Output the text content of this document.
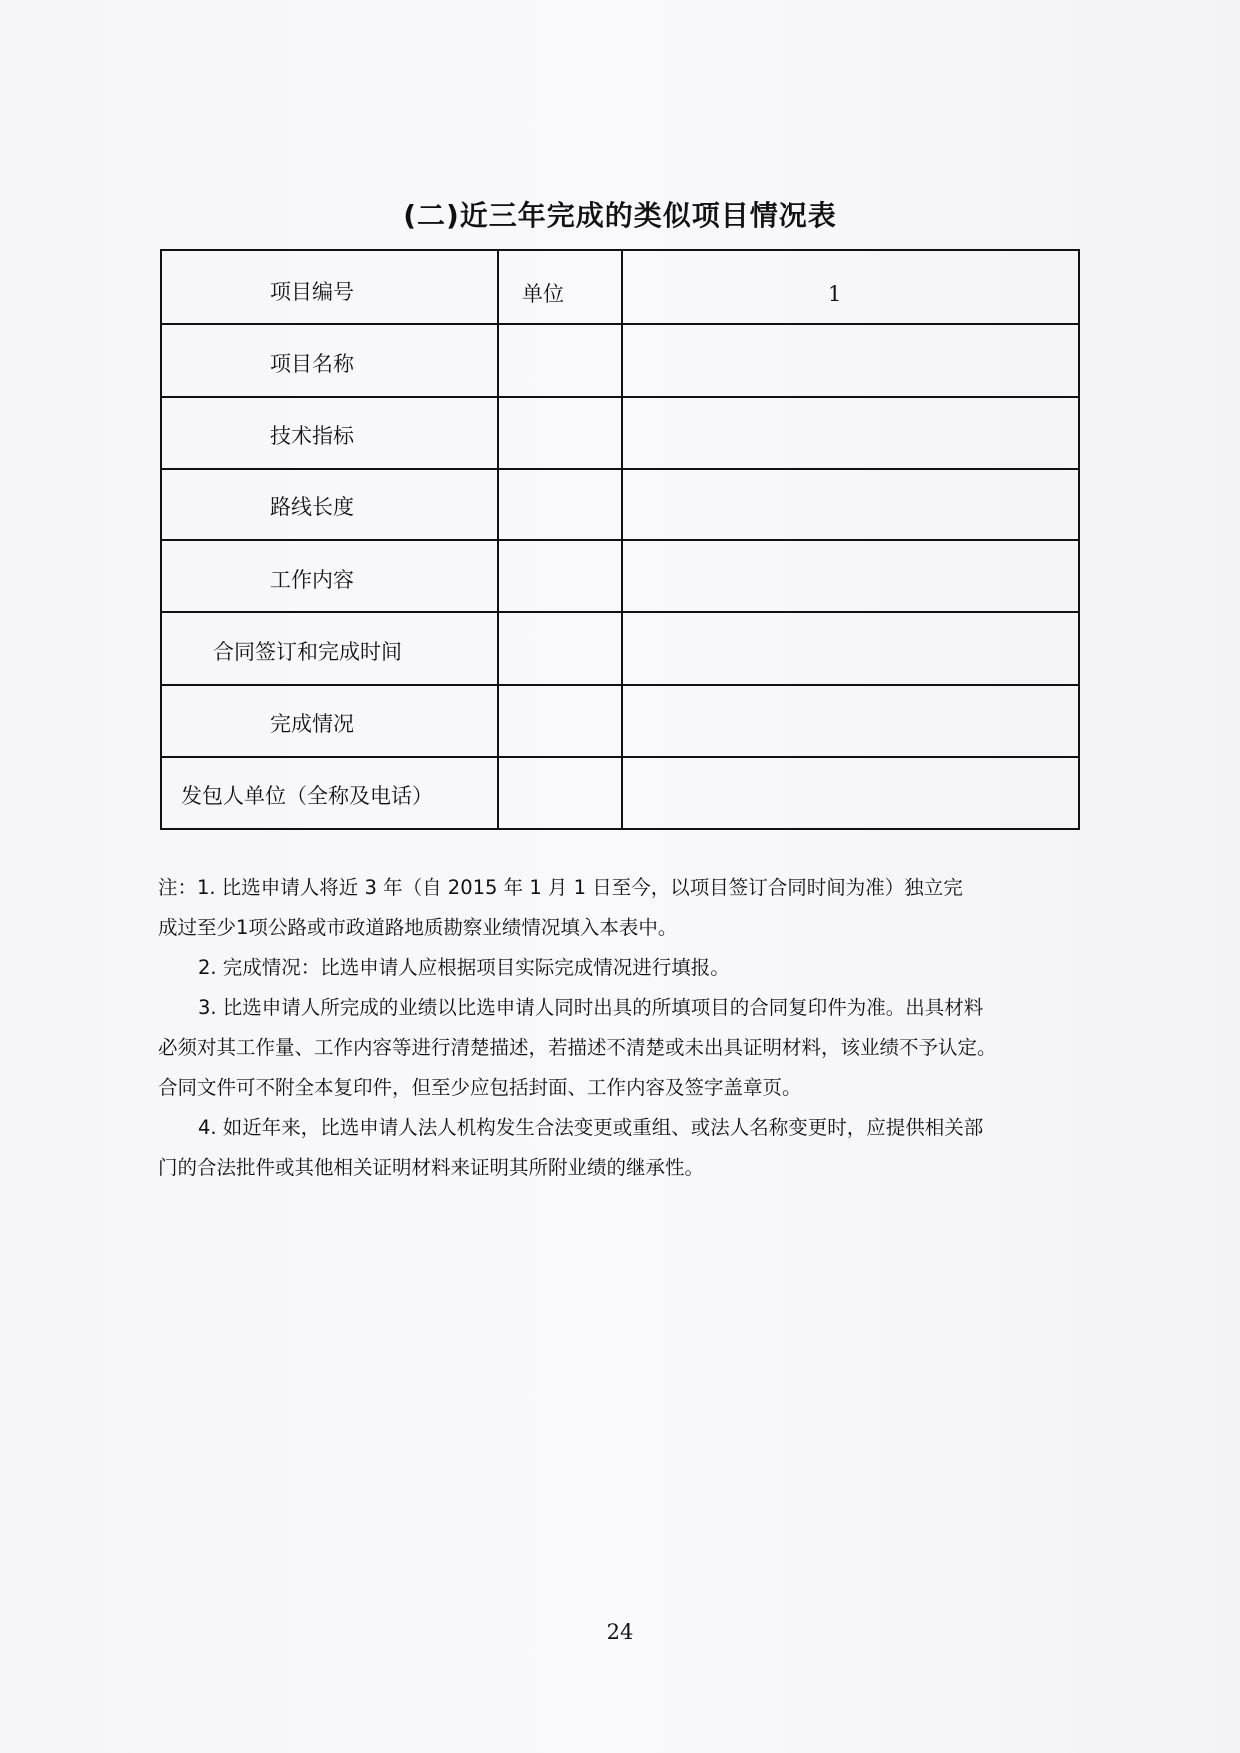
(二)近三年完成的类似项目情况表
项目编号	单位	1
项目名称
技术指标
路线长度
工作内容
合同签订和完成时间
完成情况
发包人单位（全称及电话）

注：1. 比选申请人将近 3 年（自 2015 年 1 月 1 日至今，以项目签订合同时间为准）独立完

成过至少1项公路或市政道路地质勘察业绩情况填入本表中。

2. 完成情况：比选申请人应根据项目实际完成情况进行填报。

3. 比选申请人所完成的业绩以比选申请人同时出具的所填项目的合同复印件为准。出具材料

必须对其工作量、工作内容等进行清楚描述，若描述不清楚或未出具证明材料，该业绩不予认定。

合同文件可不附全本复印件，但至少应包括封面、工作内容及签字盖章页。

4. 如近年来，比选申请人法人机构发生合法变更或重组、或法人名称变更时，应提供相关部

门的合法批件或其他相关证明材料来证明其所附业绩的继承性。

24
